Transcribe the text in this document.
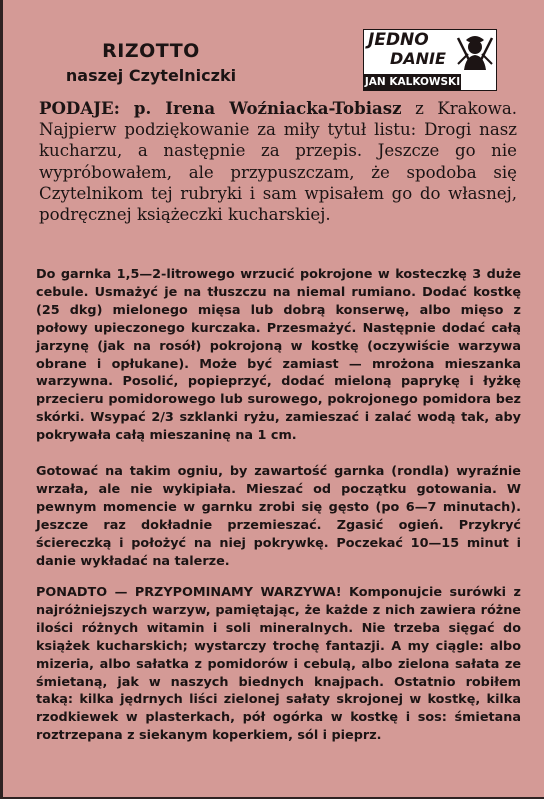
RIZOTTO
naszej Czytelniczki
JEDNO
DANIE
JAN KALKOWSKI

PODAJE: p. Irena Woźniacka-Tobiasz z Krakowa. Najpierw podziękowanie za miły tytuł listu: Drogi nasz kucharzu, a następnie za przepis. Jeszcze go nie wypróbowałem, ale przypuszczam, że spodoba się Czytelnikom tej rubryki i sam wpisałem go do własnej, podręcznej książeczki kucharskiej.

Do garnka 1,5—2-litrowego wrzucić pokrojone w kosteczkę 3 duże cebule. Usmażyć je na tłuszczu na niemal rumiano. Dodać kostkę (25 dkg) mielonego mięsa lub dobrą konserwę, albo mięso z połowy upieczonego kurczaka. Przesmażyć. Następnie dodać całą jarzynę (jak na rosół) pokrojoną w kostkę (oczywiście warzywa obrane i opłukane). Może być zamiast — mrożona mieszanka warzywna. Posolić, popieprzyć, dodać mieloną paprykę i łyżkę przecieru pomidorowego lub surowego, pokrojonego pomidora bez skórki. Wsypać 2/3 szklanki ryżu, zamieszać i zalać wodą tak, aby pokrywała całą mieszaninę na 1 cm.

Gotować na takim ogniu, by zawartość garnka (rondla) wyraźnie wrzała, ale nie wykipiała. Mieszać od początku gotowania. W pewnym momencie w garnku zrobi się gęsto (po 6—7 minutach). Jeszcze raz dokładnie przemieszać. Zgasić ogień. Przykryć ściereczką i położyć na niej pokrywkę. Poczekać 10—15 minut i danie wykładać na talerze.

PONADTO — PRZYPOMINAMY WARZYWA! Komponujcie surówki z najróżniejszych warzyw, pamiętając, że każde z nich zawiera różne ilości różnych witamin i soli mineralnych. Nie trzeba sięgać do książek kucharskich; wystarczy trochę fantazji. A my ciągle: albo mizeria, albo sałatka z pomidorów i cebulą, albo zielona sałata ze śmietaną, jak w naszych biednych knajpach. Ostatnio robiłem taką: kilka jędrnych liści zielonej sałaty skrojonej w kostkę, kilka rzodkiewek w plasterkach, pół ogórka w kostkę i sos: śmietana roztrzepana z siekanym koperkiem, sól i pieprz.
